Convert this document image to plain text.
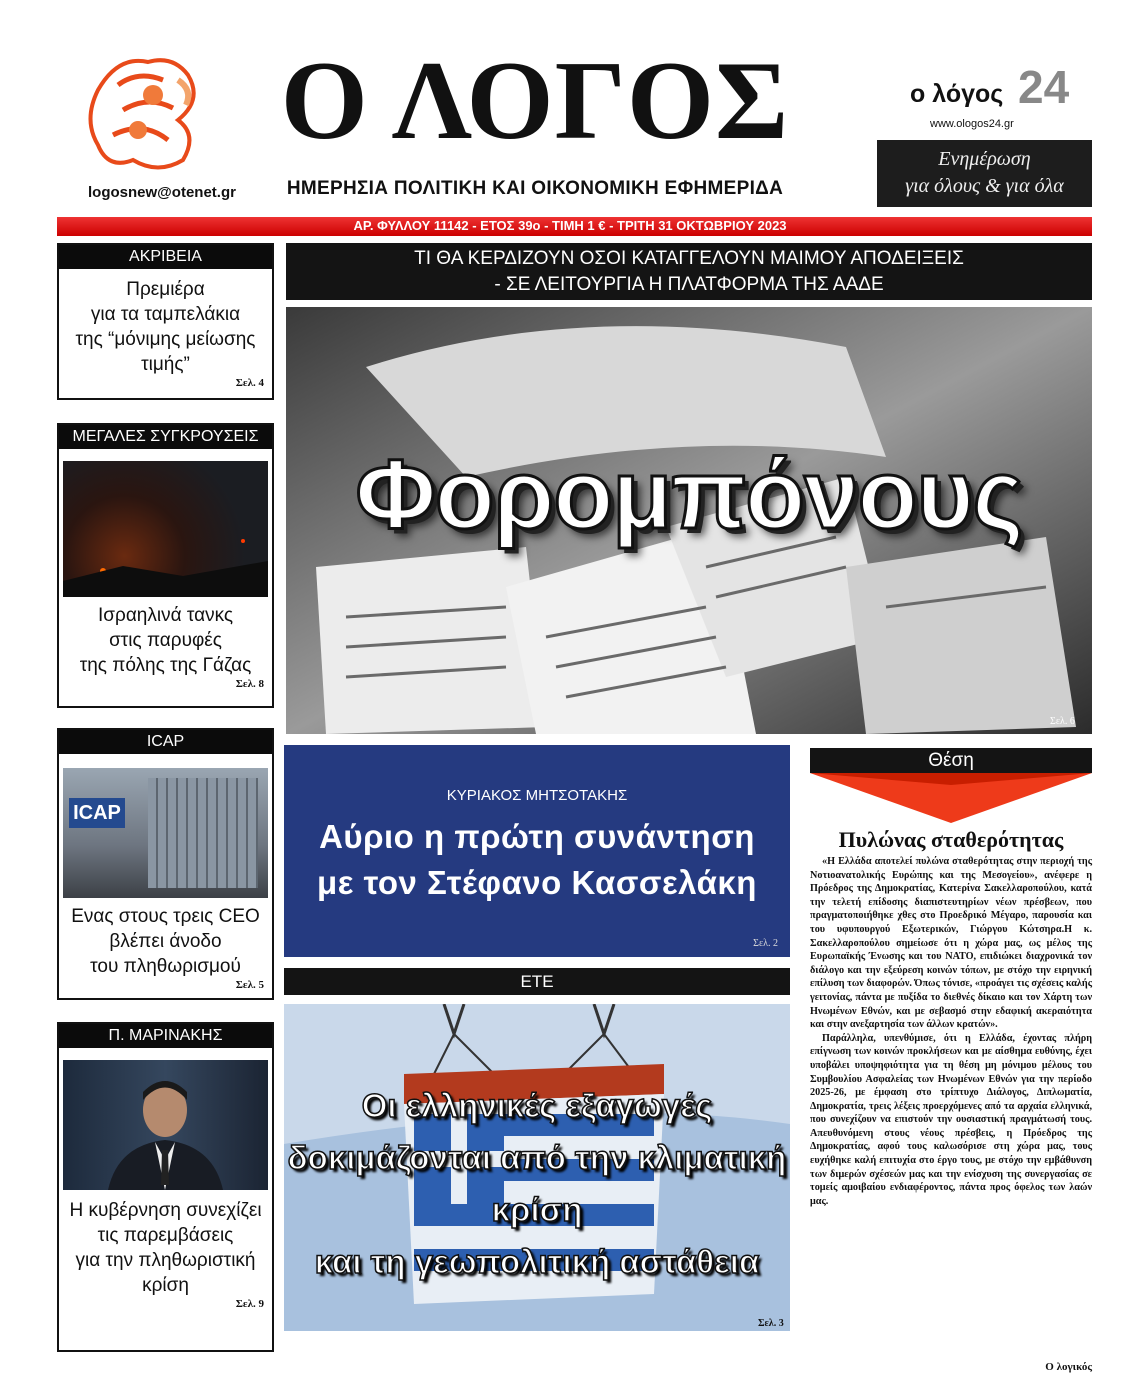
logosnew@otenet.gr
Ο ΛΟΓΟΣ
ΗΜΕΡΗΣΙΑ ΠΟΛΙΤΙΚΗ ΚΑΙ ΟΙΚΟΝΟΜΙΚΗ ΕΦΗΜΕΡΙΔΑ
ο λόγος 24
www.ologos24.gr
Ενημέρωση
για όλους & για όλα
ΑΡ. ΦΥΛΛΟΥ 11142 - ΕΤΟΣ 39ο - ΤΙΜΗ 1 € - ΤΡΙΤΗ 31 ΟΚΤΩΒΡΙΟΥ 2023
ΑΚΡΙΒΕΙΑ
Πρεμιέρα
για τα ταμπελάκια
της “μόνιμης μείωσης
τιμής”
Σελ. 4
ΜΕΓΑΛΕΣ ΣΥΓΚΡΟΥΣΕΙΣ
Ισραηλινά τανκς
στις παρυφές
της πόλης της Γάζας
Σελ. 8
ICAP
ICAP
Ενας στους τρεις CEO
βλέπει άνοδο
του πληθωρισμού
Σελ. 5
Π. ΜΑΡΙΝΑΚΗΣ
Η κυβέρνηση συνεχίζει
τις παρεμβάσεις
για την πληθωριστική
κρίση
Σελ. 9
ΤΙ ΘΑ ΚΕΡΔΙΖΟΥΝ ΟΣΟΙ ΚΑΤΑΓΓΕΛΟΥΝ ΜΑΙΜΟΥ ΑΠΟΔΕΙΞΕΙΣ
- ΣΕ ΛΕΙΤΟΥΡΓΙΑ Η ΠΛΑΤΦΟΡΜΑ ΤΗΣ ΑΑΔΕ
Φορομπόνους
Σελ. 6
ΚΥΡΙΑΚΟΣ ΜΗΤΣΟΤΑΚΗΣ
Αύριο η πρώτη συνάντηση
με τον Στέφανο Κασσελάκη
Σελ. 2
ΕΤΕ
Οι ελληνικές εξαγωγές
δοκιμάζονται από την κλιματική κρίση
και τη γεωπολιτική αστάθεια
Σελ. 3
Θέση
Πυλώνας σταθερότητας

«Η Ελλάδα αποτελεί πυλώνα σταθερότητας στην περιοχή της Νοτιοανατολικής Ευρώπης και της Μεσογείου», ανέφερε η Πρόεδρος της Δημοκρατίας, Κατερίνα Σακελλαροπούλου, κατά την τελετή επίδοσης διαπιστευτηρίων νέων πρέσβεων, που πραγματοποιήθηκε χθες στο Προεδρικό Μέγαρο, παρουσία και του υφυπουργού Εξωτερικών, Γιώργου Κώτσηρα.Η κ. Σακελλαροπούλου σημείωσε ότι η χώρα μας, ως μέλος της Ευρωπαϊκής Ένωσης και του ΝΑΤΟ, επιδιώκει διαχρονικά τον διάλογο και την εξεύρεση κοινών τόπων, με στόχο την ειρηνική επίλυση των διαφορών. Όπως τόνισε, «προάγει τις σχέσεις καλής γειτονίας, πάντα με πυξίδα το διεθνές δίκαιο και τον Χάρτη των Ηνωμένων Εθνών, και με σεβασμό στην εδαφική ακεραιότητα και στην ανεξαρτησία των άλλων κρατών».

Παράλληλα, υπενθύμισε, ότι η Ελλάδα, έχοντας πλήρη επίγνωση των κοινών προκλήσεων και με αίσθημα ευθύνης, έχει υποβάλει υποψηφιότητα για τη θέση μη μόνιμου μέλους του Συμβουλίου Ασφαλείας των Ηνωμένων Εθνών για την περίοδο 2025-26, με έμφαση στο τρίπτυχο Διάλογος, Διπλωματία, Δημοκρατία, τρεις λέξεις προερχόμενες από τα αρχαία ελληνικά, που συνεχίζουν να επιστούν την ουσιαστική πραγμάτωσή τους. Απευθυνόμενη στους νέους πρέσβεις, η Πρόεδρος της Δημοκρατίας, αφού τους καλωσόρισε στη χώρα μας, τους ευχήθηκε καλή επιτυχία στο έργο τους, με στόχο την εμβάθυνση των διμερών σχέσεών μας και την ενίσχυση της συνεργασίας σε τομείς αμοιβαίου ενδιαφέροντος, πάντα προς όφελος των λαών μας.

Ο λογικός
